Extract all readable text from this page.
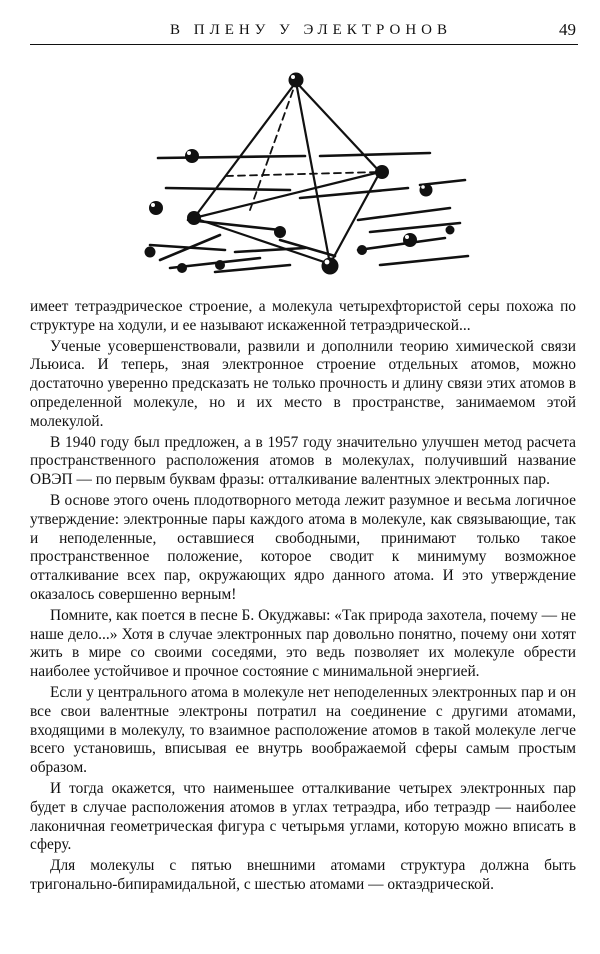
В ПЛЕНУ У ЭЛЕКТРОНОВ	49

имеет тетраэдрическое строение, а молекула четырехфтористой серы похожа по структуре на ходули, и ее называют искаженной тетраэдрической...

Ученые усовершенствовали, развили и дополнили теорию химической связи Льюиса. И теперь, зная электронное строение отдельных атомов, можно достаточно уверенно предсказать не только прочность и длину связи этих атомов в определенной молекуле, но и их место в пространстве, занимаемом этой молекулой.

В 1940 году был предложен, а в 1957 году значительно улучшен метод расчета пространственного расположения атомов в молекулах, получивший название ОВЭП — по первым буквам фразы: отталкивание валентных электронных пар.

В основе этого очень плодотворного метода лежит разумное и весьма логичное утверждение: электронные пары каждого атома в молекуле, как связывающие, так и неподеленные, оставшиеся свободными, принимают только такое пространственное положение, которое сводит к минимуму возможное отталкивание всех пар, окружающих ядро данного атома. И это утверждение оказалось совершенно верным!

Помните, как поется в песне Б. Окуджавы: «Так природа захотела, почему — не наше дело...» Хотя в случае электронных пар довольно понятно, почему они хотят жить в мире со своими соседями, это ведь позволяет их молекуле обрести наиболее устойчивое и прочное состояние с минимальной энергией.

Если у центрального атома в молекуле нет неподеленных электронных пар и он все свои валентные электроны потратил на соединение с другими атомами, входящими в молекулу, то взаимное расположение атомов в такой молекуле легче всего установишь, вписывая ее внутрь воображаемой сферы самым простым образом.

И тогда окажется, что наименьшее отталкивание четырех электронных пар будет в случае расположения атомов в углах тетраэдра, ибо тетраэдр — наиболее лаконичная геометрическая фигура с четырьмя углами, которую можно вписать в сферу.

Для молекулы с пятью внешними атомами структура должна быть тригонально-бипирамидальной, с шестью атомами — октаэдрической.
